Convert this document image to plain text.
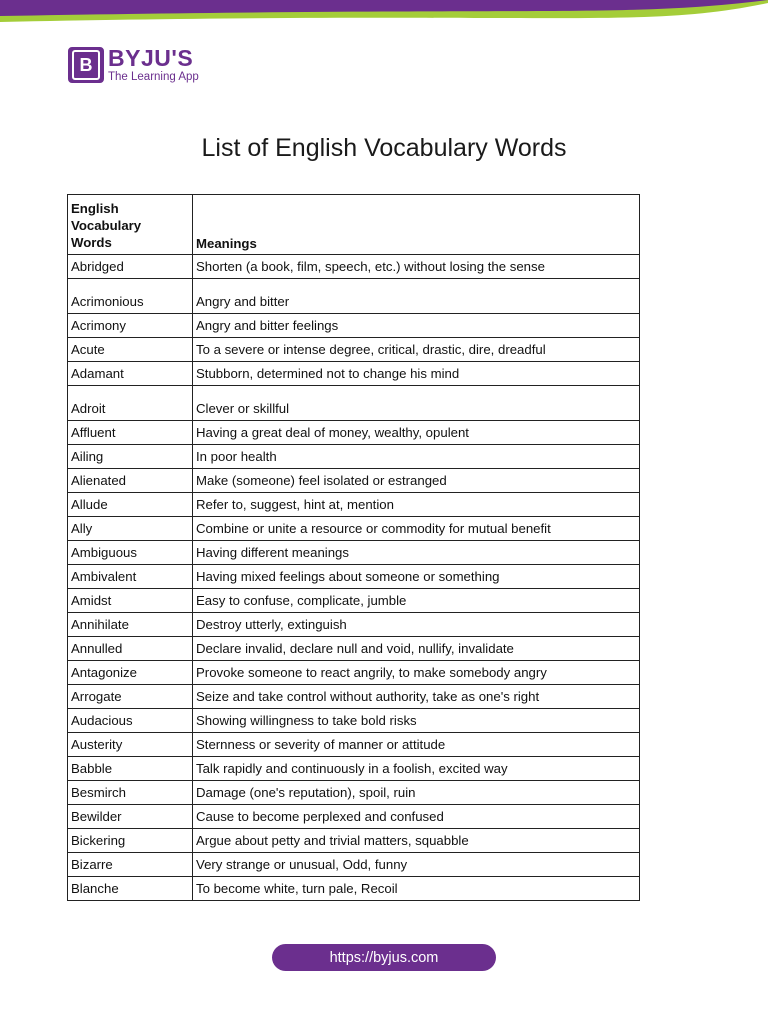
B BYJU'S
The Learning App
List of English Vocabulary Words
English
Vocabulary
Words	Meanings
Abridged	Shorten (a book, film, speech, etc.) without losing the sense
Acrimonious	Angry and bitter
Acrimony	Angry and bitter feelings
Acute	To a severe or intense degree, critical, drastic, dire, dreadful
Adamant	Stubborn, determined not to change his mind
Adroit	Clever or skillful
Affluent	Having a great deal of money, wealthy, opulent
Ailing	In poor health
Alienated	Make (someone) feel isolated or estranged
Allude	Refer to, suggest, hint at, mention
Ally	Combine or unite a resource or commodity for mutual benefit
Ambiguous	Having different meanings
Ambivalent	Having mixed feelings about someone or something
Amidst	Easy to confuse, complicate, jumble
Annihilate	Destroy utterly, extinguish
Annulled	Declare invalid, declare null and void, nullify, invalidate
Antagonize	Provoke someone to react angrily, to make somebody angry
Arrogate	Seize and take control without authority, take as one's right
Audacious	Showing willingness to take bold risks
Austerity	Sternness or severity of manner or attitude
Babble	Talk rapidly and continuously in a foolish, excited way
Besmirch	Damage (one's reputation), spoil, ruin
Bewilder	Cause to become perplexed and confused
Bickering	Argue about petty and trivial matters, squabble
Bizarre	Very strange or unusual, Odd, funny
Blanche	To become white, turn pale, Recoil
https://byjus.com
